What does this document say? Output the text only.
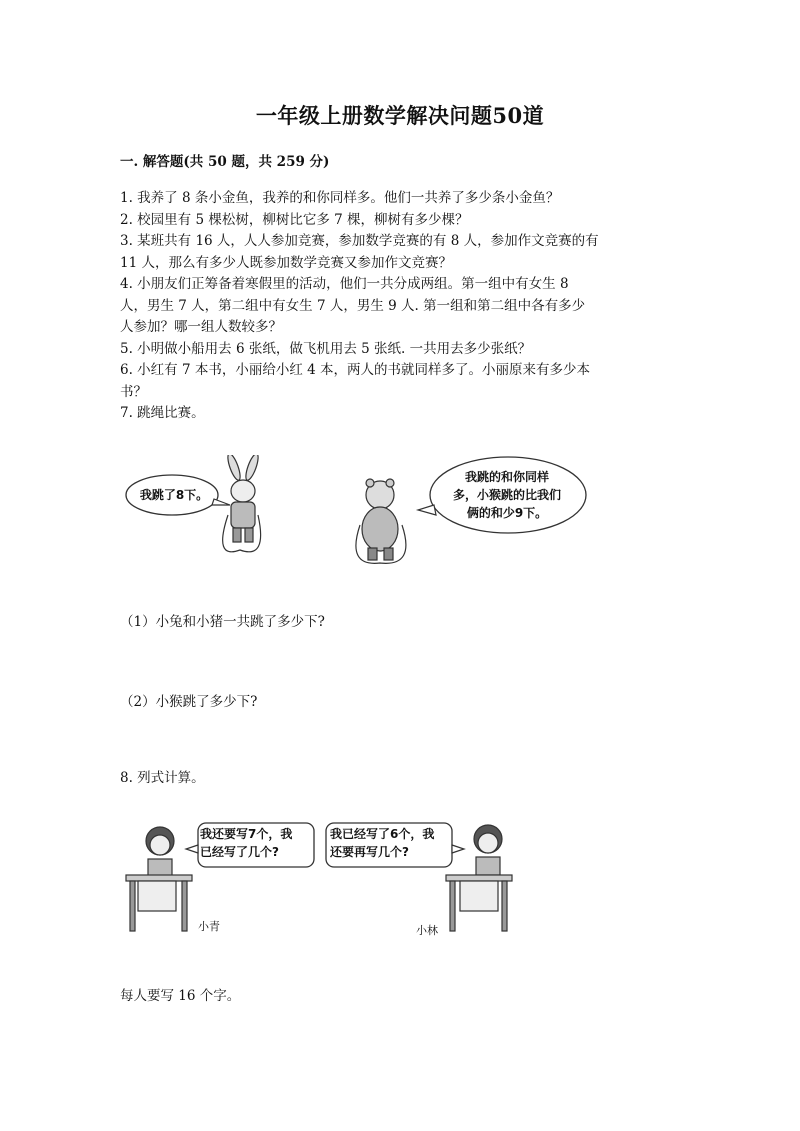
一年级上册数学解决问题50道
一. 解答题(共 50 题，共 259 分)

1. 我养了 8 条小金鱼，我养的和你同样多。他们一共养了多少条小金鱼？

2. 校园里有 5 棵松树，柳树比它多 7 棵，柳树有多少棵？

3. 某班共有 16 人，人人参加竞赛，参加数学竞赛的有 8 人，参加作文竞赛的有

11 人，那么有多少人既参加数学竞赛又参加作文竞赛？

4. 小朋友们正筹备着寒假里的活动，他们一共分成两组。第一组中有女生 8

人，男生 7 人，第二组中有女生 7 人，男生 9 人. 第一组和第二组中各有多少

人参加？哪一组人数较多？

5. 小明做小船用去 6 张纸，做飞机用去 5 张纸. 一共用去多少张纸？

6. 小红有 7 本书，小丽给小红 4 本，两人的书就同样多了。小丽原来有多少本

书？

7. 跳绳比赛。

我跳了8下。
我跳的和你同样
多，小猴跳的比我们
俩的和少9下。
（1）小兔和小猪一共跳了多少下?
（2）小猴跳了多少下?
8. 列式计算。
我还要写7个，我
已经写了几个?
我已经写了6个，我
还要再写几个?
小青	小林
每人要写 16 个字。
